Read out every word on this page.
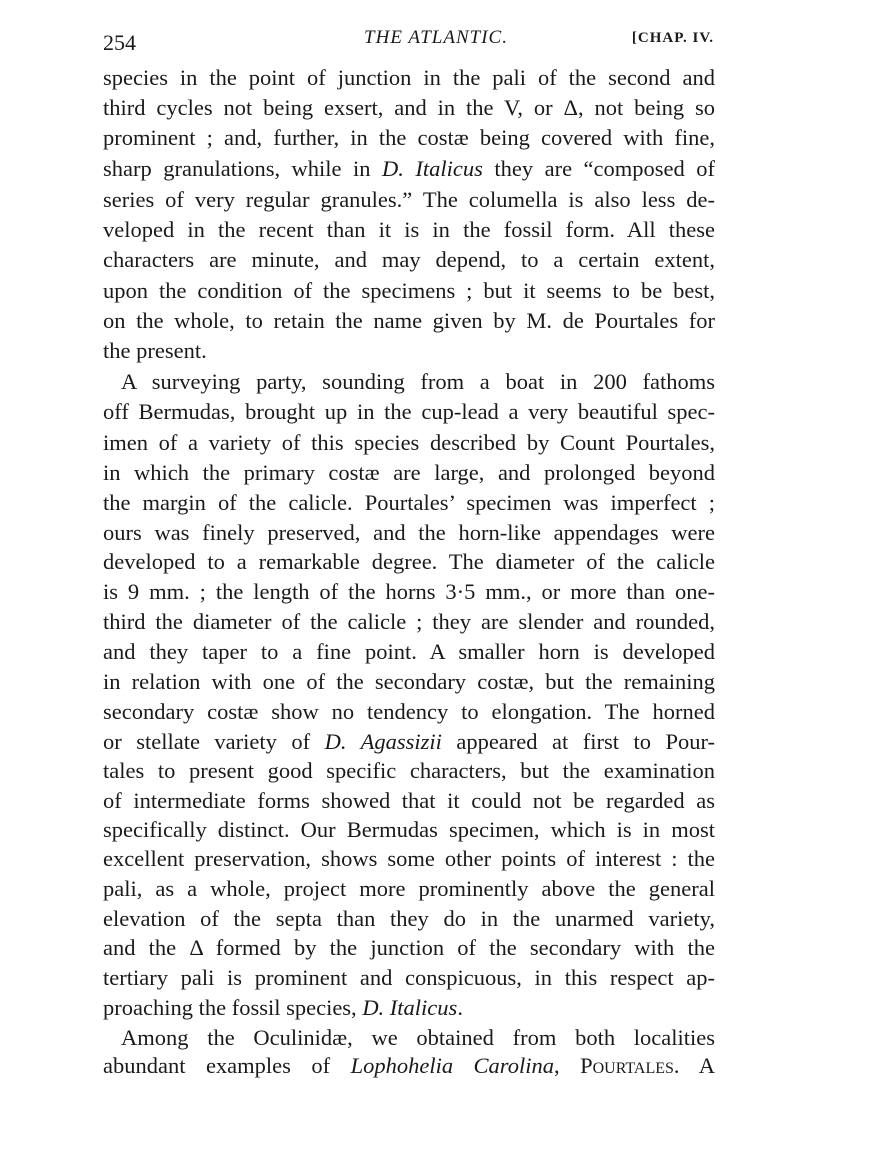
254	THE ATLANTIC.	[CHAP. IV.
species in the point of junction in the pali of the second and
third cycles not being exsert, and in the V, or Δ, not being so
prominent ; and, further, in the costæ being covered with fine,
sharp granulations, while in D. Italicus they are “composed of
series of very regular granules.” The columella is also less de-
veloped in the recent than it is in the fossil form. All these
characters are minute, and may depend, to a certain extent,
upon the condition of the specimens ; but it seems to be best,
on the whole, to retain the name given by M. de Pourtales for
the present.
A surveying party, sounding from a boat in 200 fathoms
off Bermudas, brought up in the cup-lead a very beautiful spec-
imen of a variety of this species described by Count Pourtales,
in which the primary costæ are large, and prolonged beyond
the margin of the calicle. Pourtales’ specimen was imperfect ;
ours was finely preserved, and the horn-like appendages were
developed to a remarkable degree. The diameter of the calicle
is 9 mm. ; the length of the horns 3·5 mm., or more than one-
third the diameter of the calicle ; they are slender and rounded,
and they taper to a fine point. A smaller horn is developed
in relation with one of the secondary costæ, but the remaining
secondary costæ show no tendency to elongation. The horned
or stellate variety of D. Agassizii appeared at first to Pour-
tales to present good specific characters, but the examination
of intermediate forms showed that it could not be regarded as
specifically distinct. Our Bermudas specimen, which is in most
excellent preservation, shows some other points of interest : the
pali, as a whole, project more prominently above the general
elevation of the septa than they do in the unarmed variety,
and the Δ formed by the junction of the secondary with the
tertiary pali is prominent and conspicuous, in this respect ap-
proaching the fossil species, D. Italicus.
Among the Oculinidæ, we obtained from both localities
abundant examples of Lophohelia Carolina, Pourtales. A
